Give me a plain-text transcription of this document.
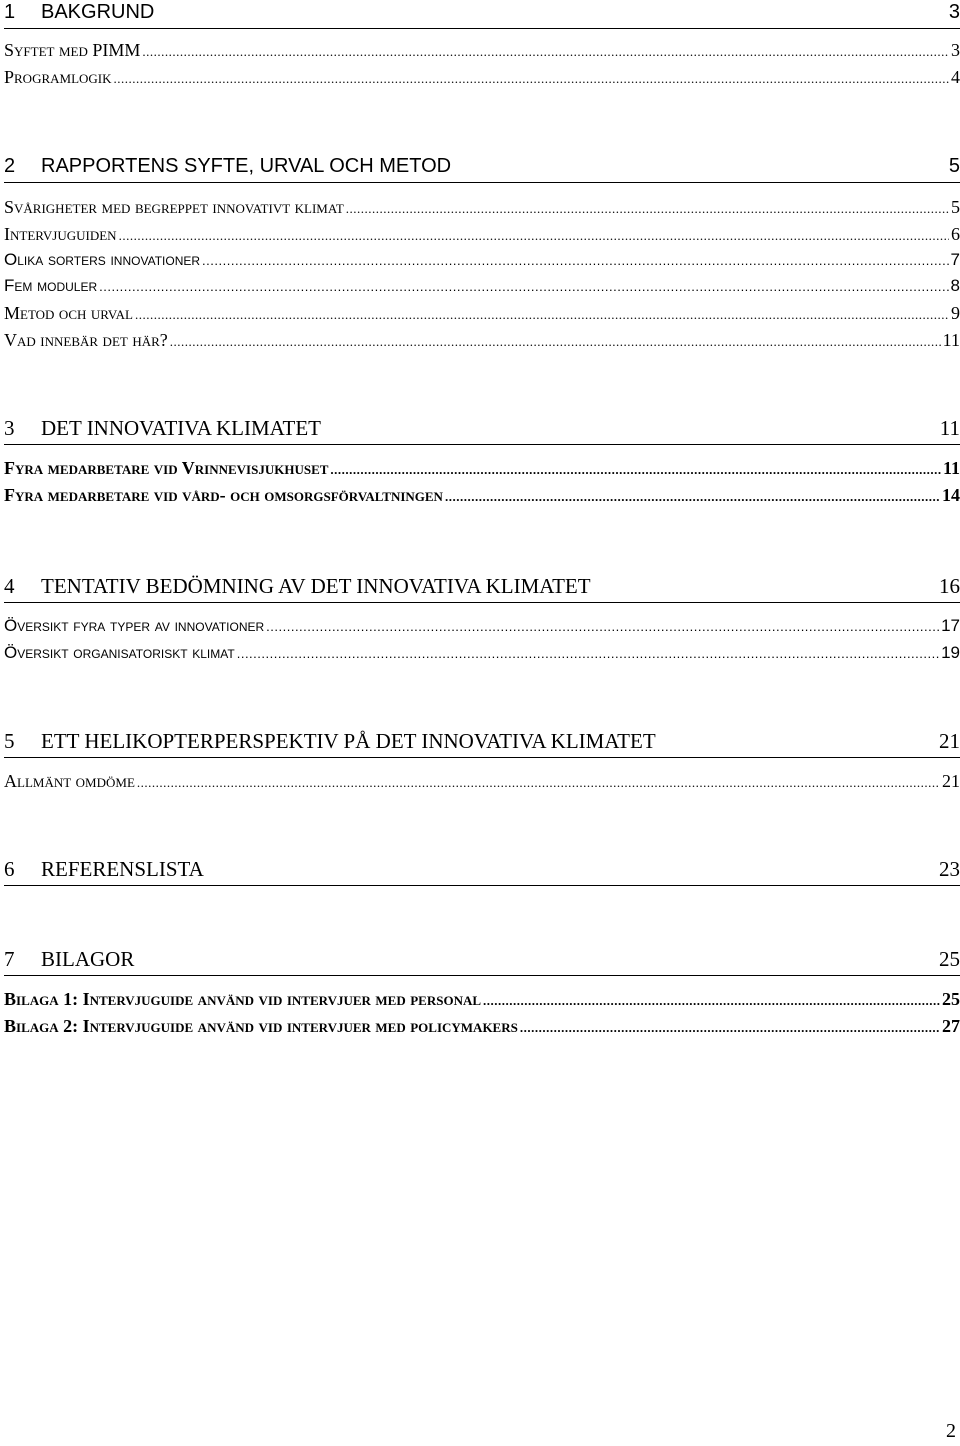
1 BAKGRUND	3
Syftet med PIMM .....	3
Programlogik .....	4
2 RAPPORTENS SYFTE, URVAL OCH METOD	5
Svårigheter med begreppet innovativt klimat .....	5
Intervjuguiden .....	6
Olika sorters innovationer .....	7
Fem moduler .....	8
Metod och urval .....	9
Vad innebär det här? .....	11
3 DET INNOVATIVA KLIMATET	11
Fyra medarbetare vid Vrinnevisjukhuset .....	11
Fyra medarbetare vid vård- och omsorgsförvaltningen .....	14
4 TENTATIV BEDÖMNING AV DET INNOVATIVA KLIMATET	16
Översikt fyra typer av innovationer .....	17
Översikt organisatoriskt klimat .....	19
5 ETT HELIKOPTERPERSPEKTIV PÅ DET INNOVATIVA KLIMATET	21
Allmänt omdöme .....	21
6 REFERENSLISTA	23
7 BILAGOR	25
Bilaga 1: Intervjuguide använd vid intervjuer med personal .....	25
Bilaga 2: Intervjuguide använd vid intervjuer med policymakers .....	27
2
